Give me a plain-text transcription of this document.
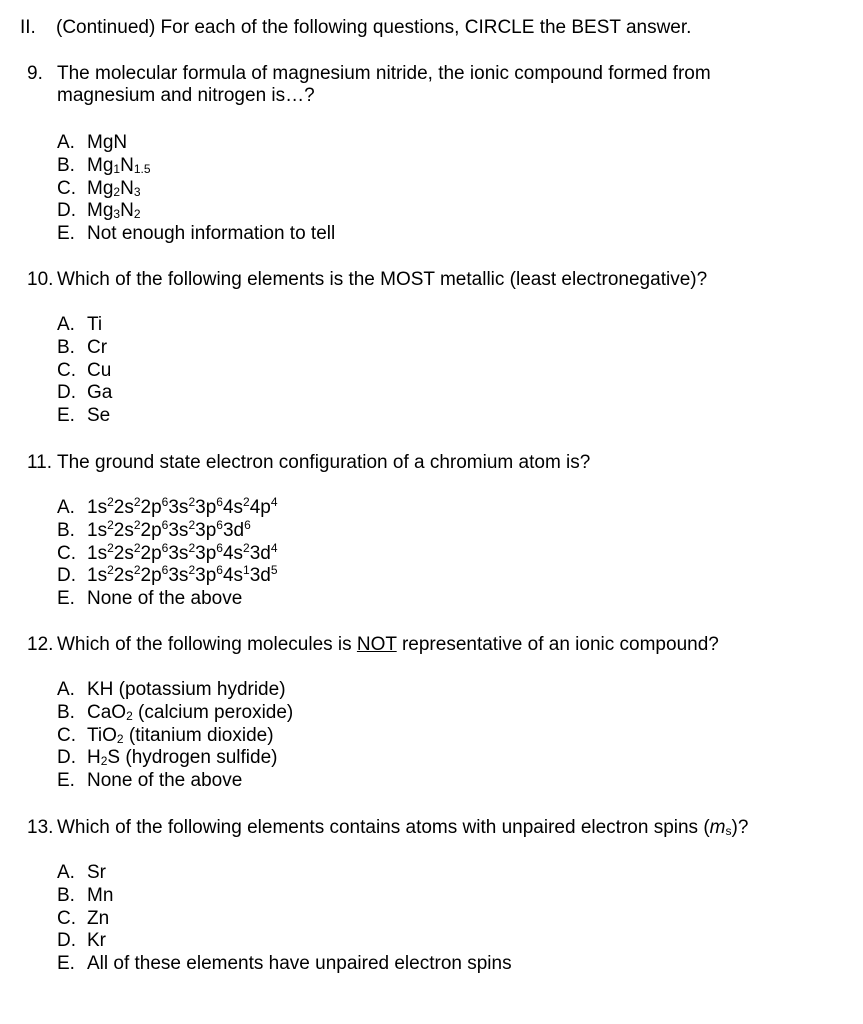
II. (Continued) For each of the following questions, CIRCLE the BEST answer.
9. The molecular formula of magnesium nitride, the ionic compound formed from
magnesium and nitrogen is…?
A. MgN
B. $Mg_1N_{1.5}$
C. $Mg_2N_3$
D. $Mg_3N_2$
E. Not enough information to tell
10. Which of the following elements is the MOST metallic (least electronegative)?
A. Ti
B. Cr
C. Cu
D. Ga
E. Se
11. The ground state electron configuration of a chromium atom is?
A. $1s^22s^22p^63s^23p^64s^24p^4$
B. $1s^22s^22p^63s^23p^63d^6$
C. $1s^22s^22p^63s^23p^64s^23d^4$
D. $1s^22s^22p^63s^23p^64s^13d^5$
E. None of the above
12. Which of the following molecules is NOT representative of an ionic compound?
A. KH (potassium hydride)
B. CaO$_2$ (calcium peroxide)
C. TiO$_2$ (titanium dioxide)
D. $H_2S$ (hydrogen sulfide)
E. None of the above
13. Which of the following elements contains atoms with unpaired electron spins $(m_s)$?
A. Sr
B. Mn
C. Zn
D. Kr
E. All of these elements have unpaired electron spins
